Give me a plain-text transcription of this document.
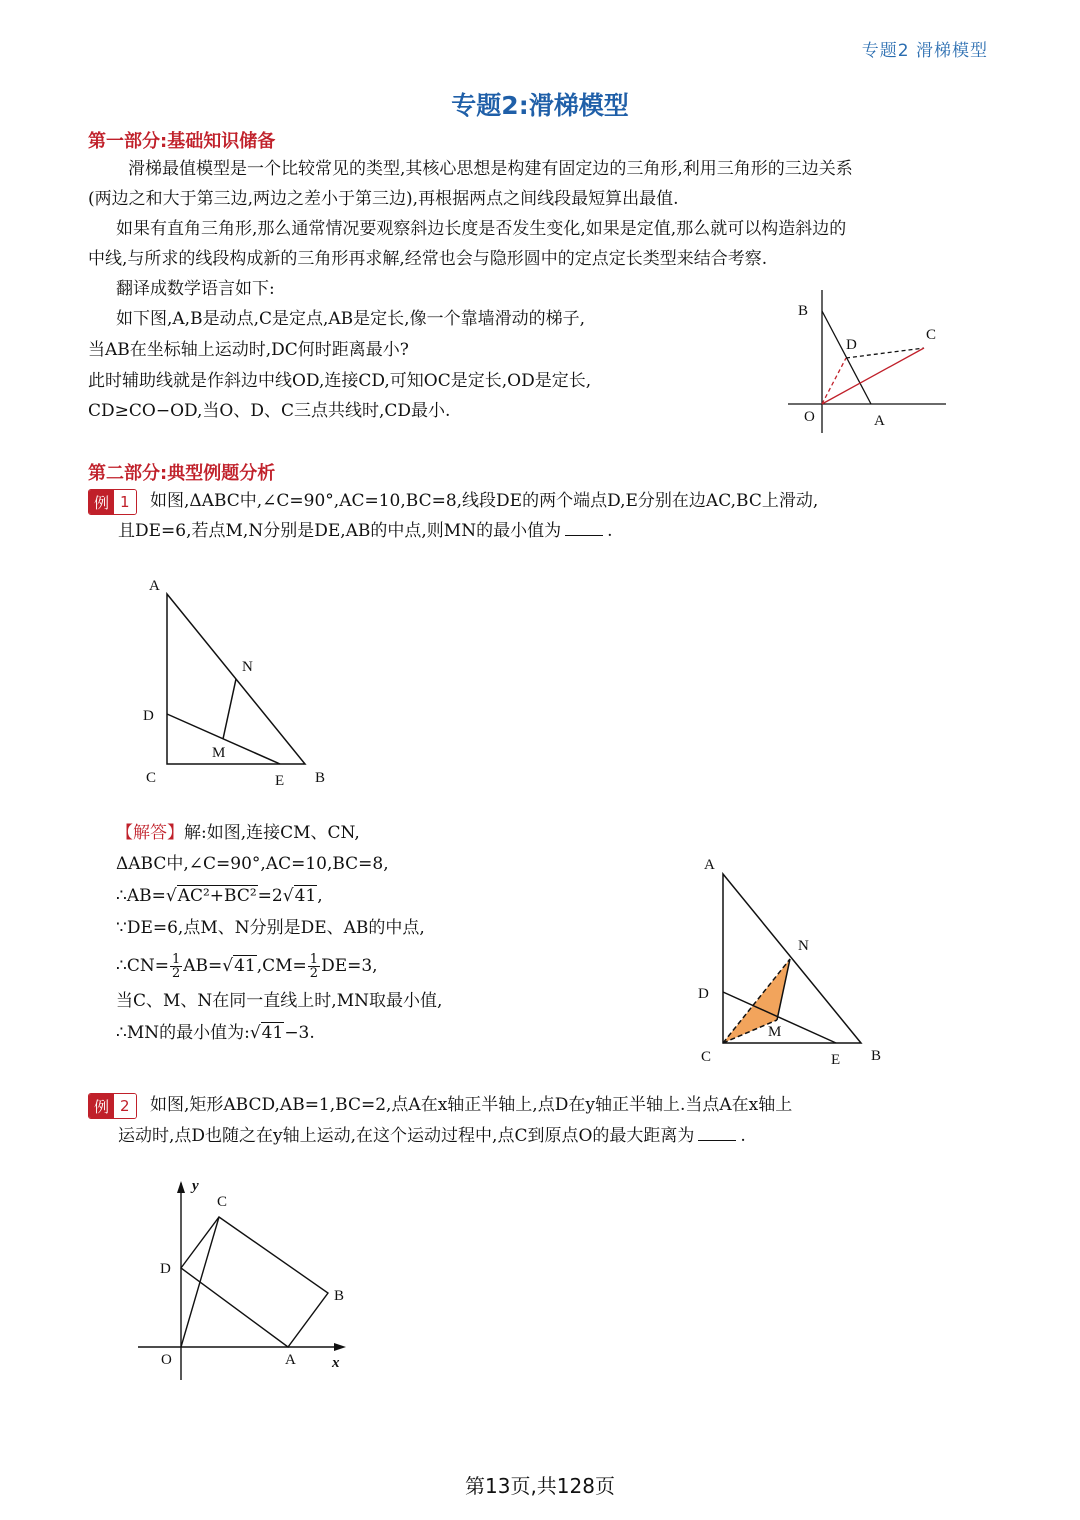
专题2 滑梯模型
专题2:滑梯模型
第一部分:基础知识储备
滑梯最值模型是一个比较常见的类型,其核心思想是构建有固定边的三角形,利用三角形的三边关系
(两边之和大于第三边,两边之差小于第三边),再根据两点之间线段最短算出最值.
如果有直角三角形,那么通常情况要观察斜边长度是否发生变化,如果是定值,那么就可以构造斜边的
中线,与所求的线段构成新的三角形再求解,经常也会与隐形圆中的定点定长类型来结合考察.
翻译成数学语言如下:
如下图,A,B是动点,C是定点,AB是定长,像一个靠墙滑动的梯子,
当AB在坐标轴上运动时,DC何时距离最小?
此时辅助线就是作斜边中线OD,连接CD,可知OC是定长,OD是定长,
CD≥CO−OD,当O、D、C三点共线时,CD最小.
B
D
C
O	A
第二部分:典型例题分析
例 1	如图,ΔABC中,∠C=90°,AC=10,BC=8,线段DE的两个端点D,E分别在边AC,BC上滑动,
且DE=6,若点M,N分别是DE,AB的中点,则MN的最小值为	.
A
N
D
M
C	E B
【解答】解:如图,连接CM、CN,
ΔABC中,∠C=90°,AC=10,BC=8,
∴AB=√AC²+BC²=2√41,
∵DE=6,点M、N分别是DE、AB的中点,
∴CN= $\frac{1}{2} AB=√41,CM= \frac{1}{2} DE=3$,
当C、M、N在同一直线上时,MN取最小值,
∴MN的最小值为:√41−3.
A
N
D
M
C	E B
例 2	如图,矩形ABCD,AB=1,BC=2,点A在x轴正半轴上,点D在y轴正半轴上.当点A在x轴上
运动时,点D也随之在y轴上运动,在这个运动过程中,点C到原点O的最大距离为	.
y
C
D
B
O	A x
第13页,共128页
